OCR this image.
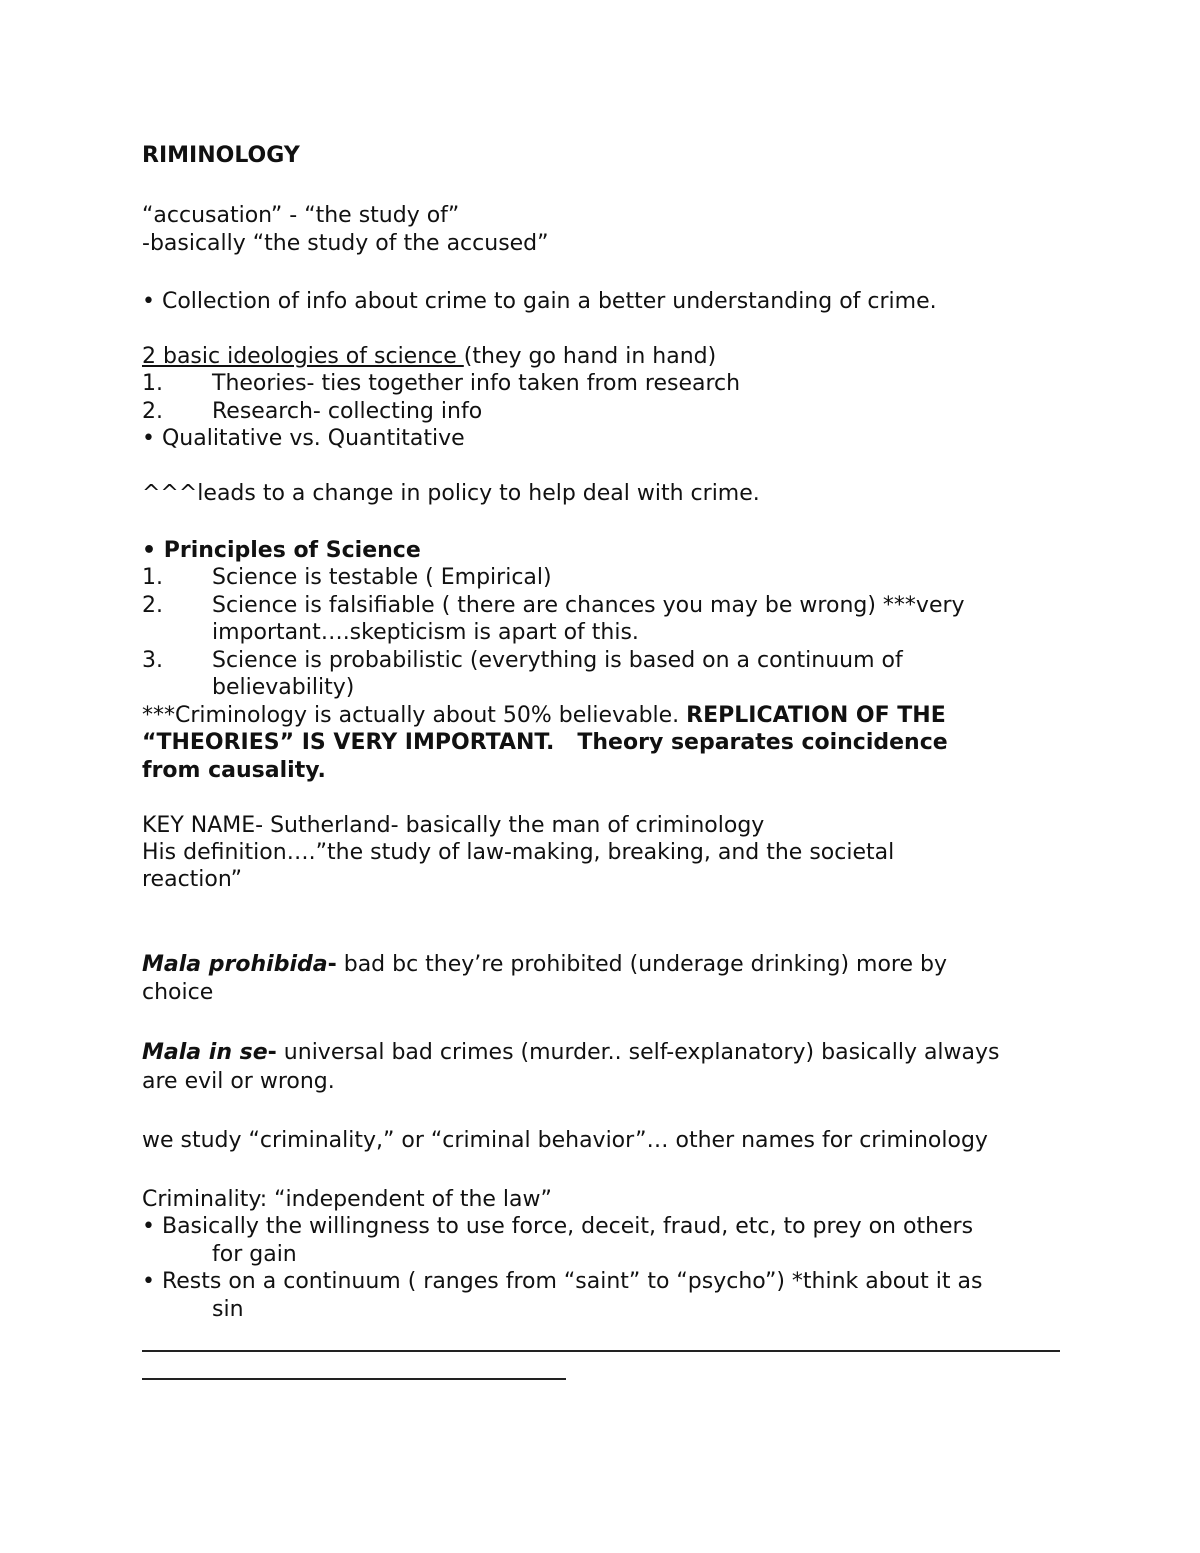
RIMINOLOGY
“accusation” - “the study of”
-basically “the study of the accused”
• Collection of info about crime to gain a better understanding of crime.
2 basic ideologies of science (they go hand in hand)
1. Theories- ties together info taken from research
2. Research- collecting info
• Qualitative vs. Quantitative
^^^leads to a change in policy to help deal with crime.
• Principles of Science
1. Science is testable ( Empirical)
2. Science is falsifiable ( there are chances you may be wrong) ***very
important….skepticism is apart of this.
3. Science is probabilistic (everything is based on a continuum of
believability)
***Criminology is actually about 50% believable. REPLICATION OF THE
“THEORIES” IS VERY IMPORTANT.   Theory separates coincidence
from causality.
KEY NAME- Sutherland- basically the man of criminology
His definition….”the study of law-making, breaking, and the societal
reaction”
Mala prohibida- bad bc they’re prohibited (underage drinking) more by
choice
Mala in se- universal bad crimes (murder.. self-explanatory) basically always
are evil or wrong.
we study “criminality,” or “criminal behavior”… other names for criminology
Criminality: “independent of the law”
• Basically the willingness to use force, deceit, fraud, etc, to prey on others
for gain
• Rests on a continuum ( ranges from “saint” to “psycho”) *think about it as
sin
